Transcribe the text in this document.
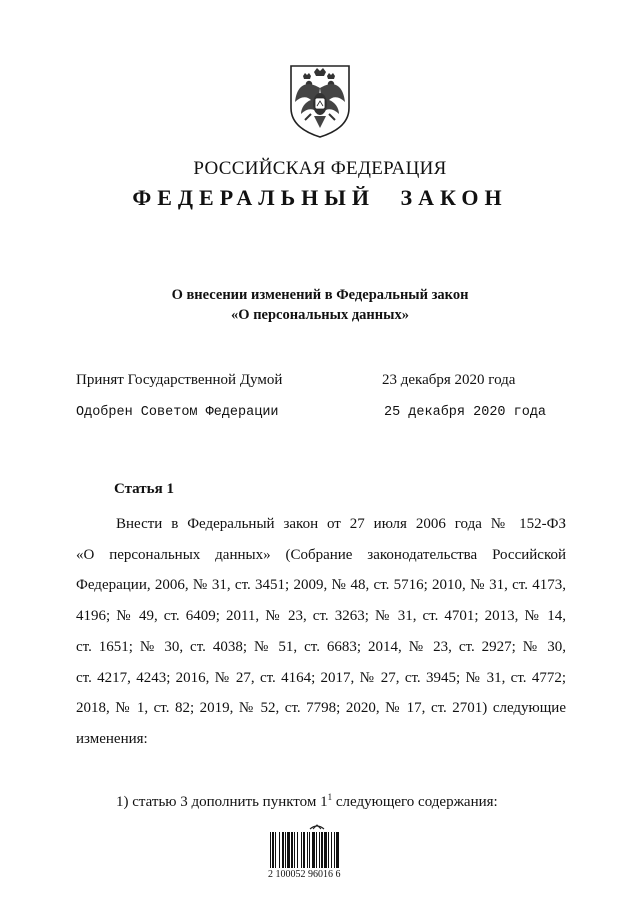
РОССИЙСКАЯ ФЕДЕРАЦИЯ
ФЕДЕРАЛЬНЫЙ ЗАКОН
О внесении изменений в Федеральный закон
«О персональных данных»
Принят Государственной Думой	23 декабря 2020 года
Одобрен Советом Федерации	25 декабря 2020 года
Статья 1
Внести в Федеральный закон от 27 июля 2006 года № 152-ФЗ
«О персональных данных» (Собрание законодательства Российской
Федерации, 2006, № 31, ст. 3451; 2009, № 48, ст. 5716; 2010, № 31, ст. 4173,
4196; № 49, ст. 6409; 2011, № 23, ст. 3263; № 31, ст. 4701; 2013, № 14,
ст. 1651; № 30, ст. 4038; № 51, ст. 6683; 2014, № 23, ст. 2927; № 30,
ст. 4217, 4243; 2016, № 27, ст. 4164; 2017, № 27, ст. 3945; № 31, ст. 4772;
2018, № 1, ст. 82; 2019, № 52, ст. 7798; 2020, № 17, ст. 2701) следующие
изменения:
1) статью 3 дополнить пунктом $1^1$ следующего содержания:
2 100052 96016 6
